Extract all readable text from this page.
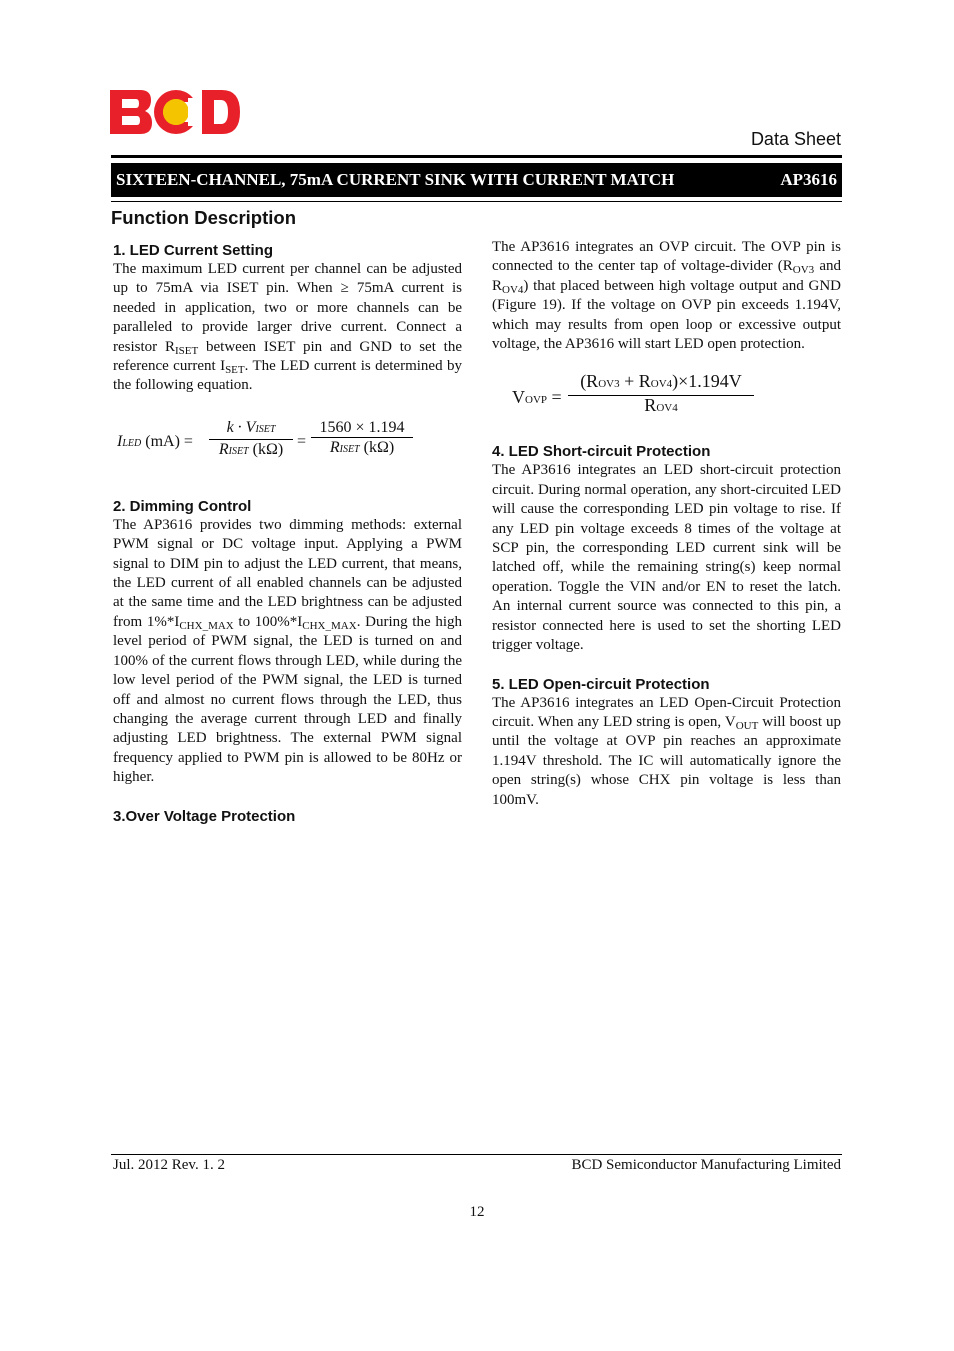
Data Sheet
SIXTEEN-CHANNEL, 75mA CURRENT SINK WITH CURRENT MATCH	AP3616
Function Description
1. LED Current Setting

The maximum LED current per channel can be adjusted up to 75mA via ISET pin. When ≥ 75mA current is needed in application, two or more channels can be paralleled to provide larger drive current. Connect a resistor $R_{ISET}$ between ISET pin and GND to set the reference current $I_{SET}$. The LED current is determined by the following equation.

ILED (mA) =
k · VISET
RISET (kΩ) =
1560 × 1.194
RISET (kΩ)
2. Dimming Control

The AP3616 provides two dimming methods: external PWM signal or DC voltage input. Applying a PWM signal to DIM pin to adjust the LED current, that means, the LED current of all enabled channels can be adjusted at the same time and the LED brightness can be adjusted from $1\%*I_{CHX\_MAX}$ to $100\%*I_{CHX\_MAX}$. During the high level period of PWM signal, the LED is turned on and 100% of the current flows through LED, while during the low level period of the PWM signal, the LED is turned off and almost no current flows through the LED, thus changing the average current through LED and finally adjusting LED brightness. The external PWM signal frequency applied to PWM pin is allowed to be 80Hz or higher.

3.Over Voltage Protection

The AP3616 integrates an OVP circuit. The OVP pin is connected to the center tap of voltage-divider ($R_{OV3}$ and $R_{OV4}$) that placed between high voltage output and GND (Figure 19). If the voltage on OVP pin exceeds 1.194V, which may results from open loop or excessive output voltage, the AP3616 will start LED open protection.

VOVP =
(ROV3 + ROV4)×1.194V
ROV4
4. LED Short-circuit Protection

The AP3616 integrates an LED short-circuit protection circuit. During normal operation, any short-circuited LED will cause the corresponding LED pin voltage to rise. If any LED pin voltage exceeds 8 times of the voltage at SCP pin, the corresponding LED current sink will be latched off, while the remaining string(s) keep normal operation. Toggle the VIN and/or EN to reset the latch. An internal current source was connected to this pin, a resistor connected here is used to set the shorting LED trigger voltage.

5. LED Open-circuit Protection

The AP3616 integrates an LED Open-Circuit Protection circuit. When any LED string is open, $V_{OUT}$ will boost up until the voltage at OVP pin reaches an approximate 1.194V threshold. The IC will automatically ignore the open string(s) whose CHX pin voltage is less than 100mV.

Jul. 2012 Rev. 1. 2	BCD Semiconductor Manufacturing Limited
12
